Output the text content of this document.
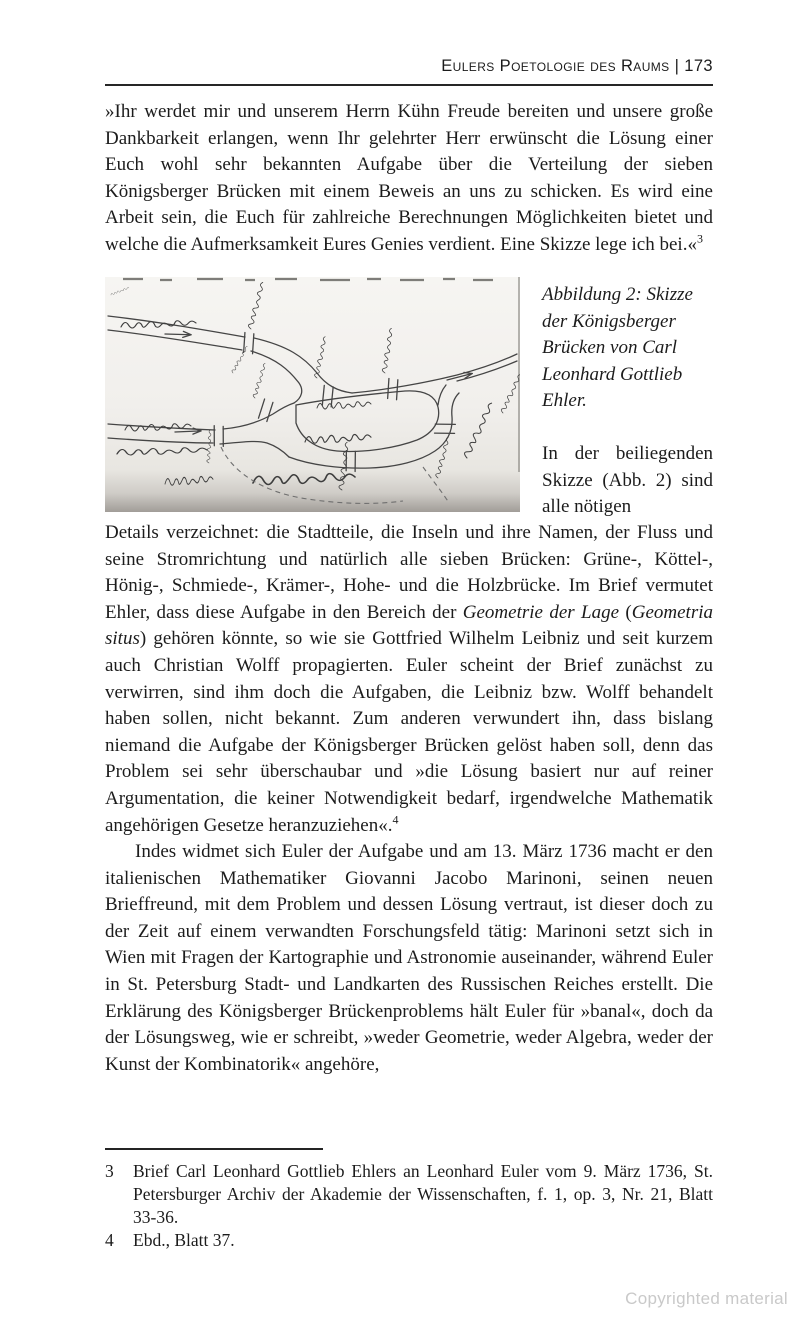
Eulers Poetologie des Raums | 173

»Ihr werdet mir und unserem Herrn Kühn Freude bereiten und unsere große Dankbarkeit erlangen, wenn Ihr gelehrter Herr erwünscht die Lösung einer Euch wohl sehr bekannten Aufgabe über die Verteilung der sieben Königsberger Brücken mit einem Beweis an uns zu schicken. Es wird eine Arbeit sein, die Euch für zahlreiche Berechnungen Möglichkeiten bietet und welche die Aufmerksamkeit Eures Genies verdient. Eine Skizze lege ich bei.«$^3$

Abbildung 2: Skizze der Königsberger Brücken von Carl Leonhard Gottlieb Ehler.

In der beiliegenden Skizze (Abb. 2) sind alle nötigen

Details verzeichnet: die Stadtteile, die Inseln und ihre Namen, der Fluss und seine Stromrichtung und natürlich alle sieben Brücken: Grüne-, Köttel-, Hönig-, Schmiede-, Krämer-, Hohe- und die Holzbrücke. Im Brief vermutet Ehler, dass diese Aufgabe in den Bereich der Geometrie der Lage (Geometria situs) gehören könnte, so wie sie Gottfried Wilhelm Leibniz und seit kurzem auch Christian Wolff propagierten. Euler scheint der Brief zunächst zu verwirren, sind ihm doch die Aufgaben, die Leibniz bzw. Wolff behandelt haben sollen, nicht bekannt. Zum anderen verwundert ihn, dass bislang niemand die Aufgabe der Königsberger Brücken gelöst haben soll, denn das Problem sei sehr überschaubar und »die Lösung basiert nur auf reiner Argumentation, die keiner Notwendigkeit bedarf, irgendwelche Mathematik angehörigen Gesetze heranzuziehen«.$^4$

Indes widmet sich Euler der Aufgabe und am 13. März 1736 macht er den italienischen Mathematiker Giovanni Jacobo Marinoni, seinen neuen Brieffreund, mit dem Problem und dessen Lösung vertraut, ist dieser doch zu der Zeit auf einem verwandten Forschungsfeld tätig: Marinoni setzt sich in Wien mit Fragen der Kartographie und Astronomie auseinander, während Euler in St. Petersburg Stadt- und Landkarten des Russischen Reiches erstellt. Die Erklärung des Königsberger Brückenproblems hält Euler für »banal«, doch da der Lösungsweg, wie er schreibt, »weder Geometrie, weder Algebra, weder der Kunst der Kombinatorik« angehöre,

3	Brief Carl Leonhard Gottlieb Ehlers an Leonhard Euler vom 9. März 1736, St. Petersburger Archiv der Akademie der Wissenschaften, f. 1, op. 3, Nr. 21, Blatt 33-36.

4	Ebd., Blatt 37.

Copyrighted material
